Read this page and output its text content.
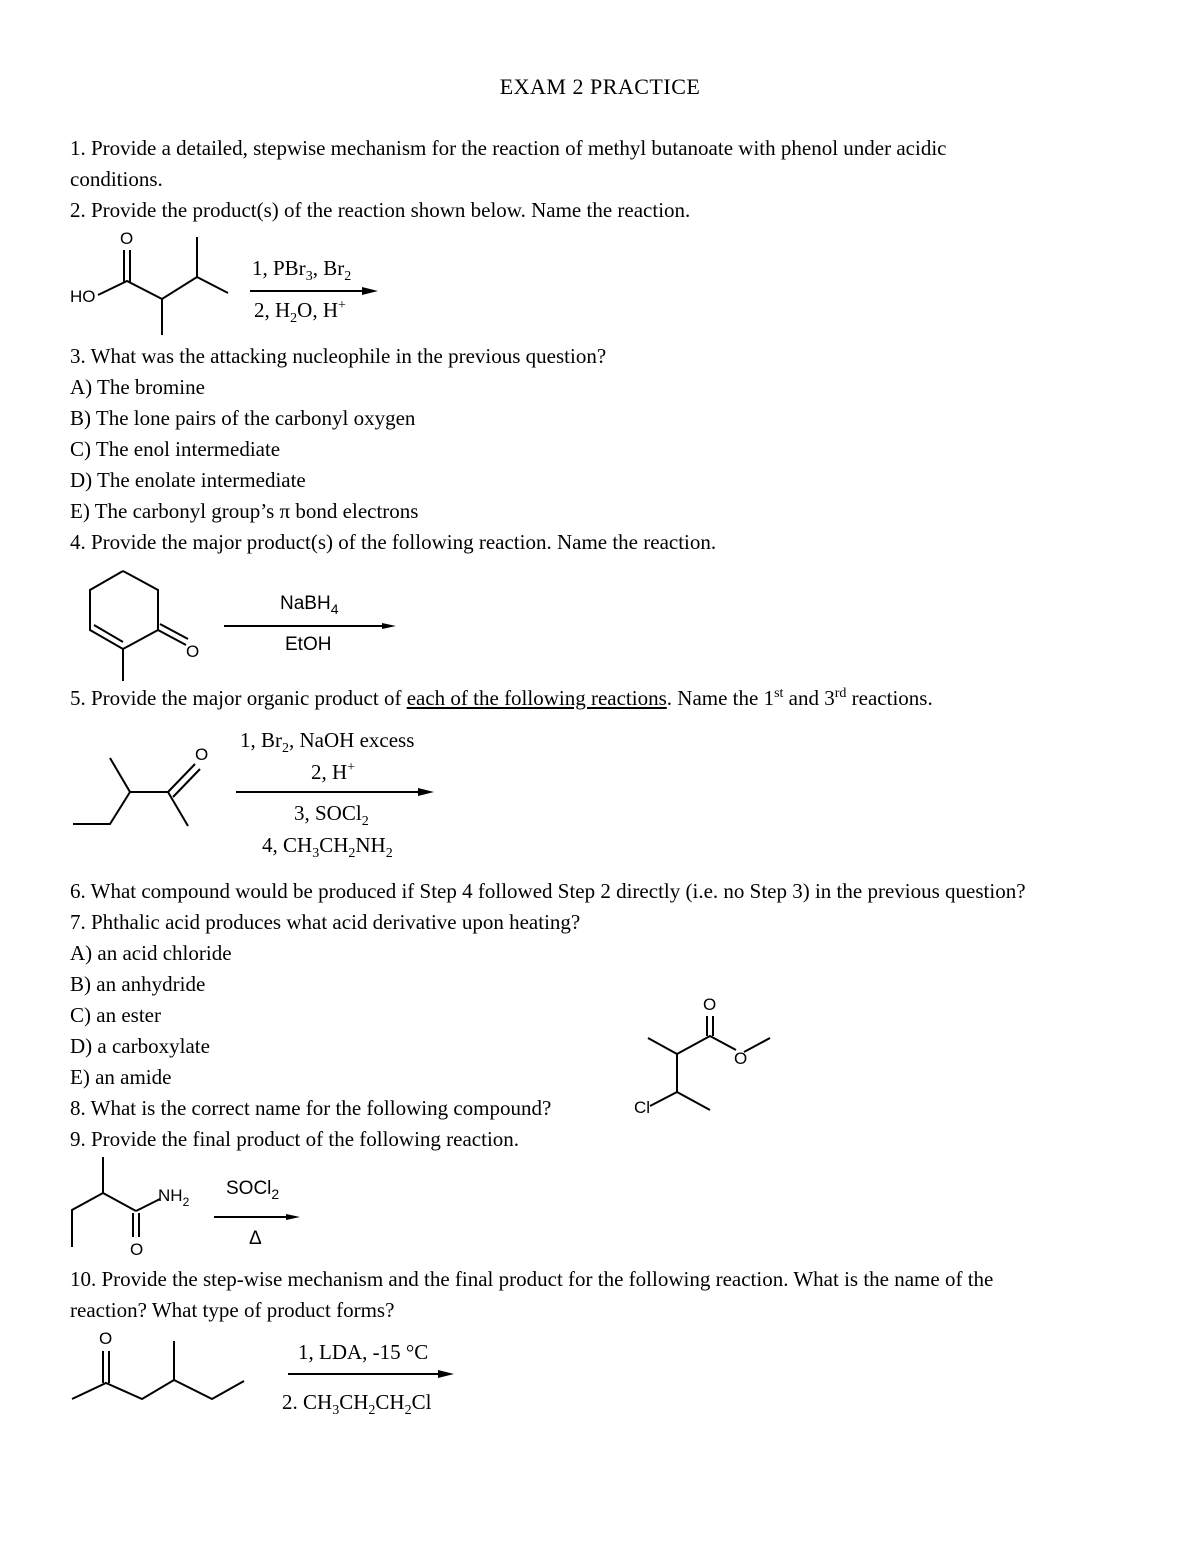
EXAM 2 PRACTICE
1. Provide a detailed, stepwise mechanism for the reaction of methyl butanoate with phenol under acidic
conditions.
2. Provide the product(s) of the reaction shown below. Name the reaction.
O
HO
1, PBr$_3$, $Br_2$
2, $H_2O$, H+
3. What was the attacking nucleophile in the previous question?
A) The bromine
B) The lone pairs of the carbonyl oxygen
C) The enol intermediate
D) The enolate intermediate
E) The carbonyl group’s π bond electrons
4. Provide the major product(s) of the following reaction. Name the reaction.
O
NaBH$_4$
EtOH
5. Provide the major organic product of each of the following reactions. Name the 1st and 3rd reactions.
O
1, $Br_2$, NaOH excess
2, H+
3, SOCl$_2$
4, $CH_3CH_2NH_2$
6. What compound would be produced if Step 4 followed Step 2 directly (i.e. no Step 3) in the previous question?
7. Phthalic acid produces what acid derivative upon heating?
A) an acid chloride
B) an anhydride
C) an ester
D) a carboxylate
E) an amide
8. What is the correct name for the following compound?
O
O
Cl
9. Provide the final product of the following reaction.
$NH_2$
O
SOCl$_2$
Δ
10. Provide the step-wise mechanism and the final product for the following reaction. What is the name of the
reaction? What type of product forms?
O
1, LDA, -15 °C
2. $CH_3CH_2CH_2Cl$
